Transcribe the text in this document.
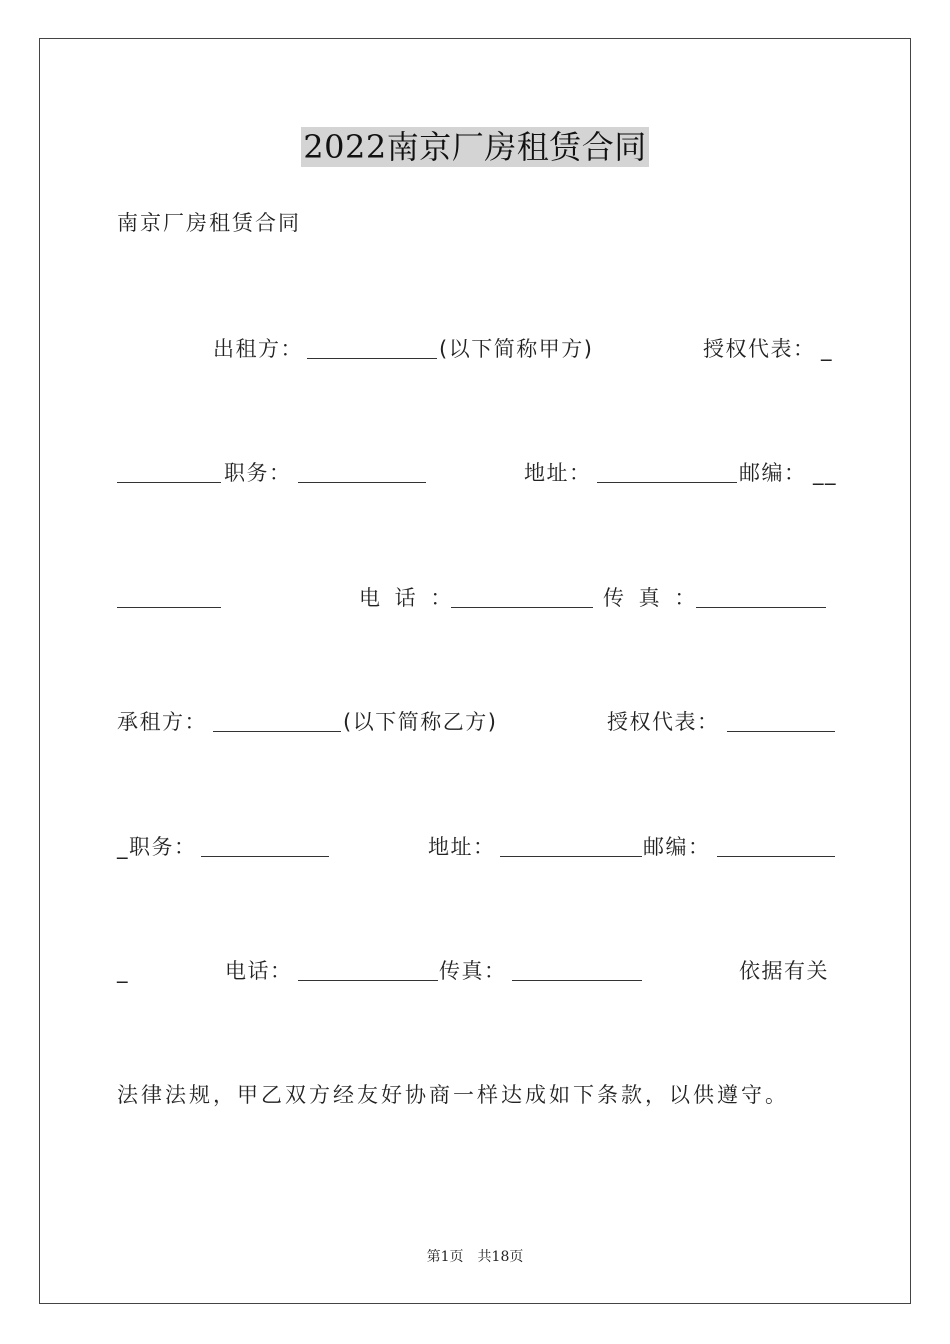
2022南京厂房租赁合同
南京厂房租赁合同
出租方：	(以下简称甲方)	授权代表： _
职务：	地址：	邮编： __
电 话 ：	传 真 ：
承租方：	(以下简称乙方)	授权代表：
_职务：	地址：	邮编：
_	电话：	传真：	依据有关
法律法规，甲乙双方经友好协商一样达成如下条款，以供遵守。
第1页 共18页
